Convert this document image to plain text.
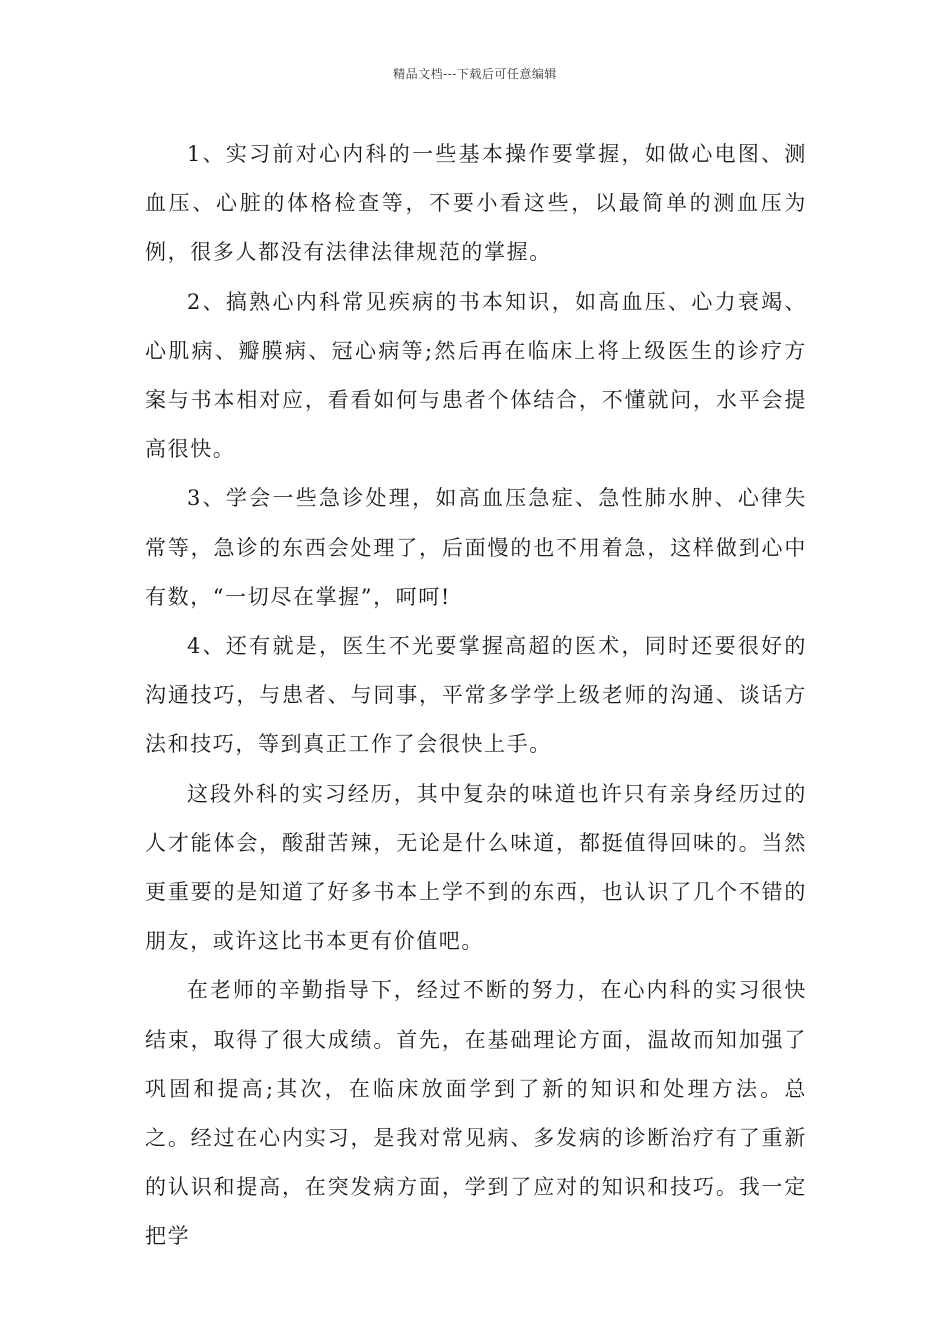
精品文档---下载后可任意编辑

1、实习前对心内科的一些基本操作要掌握，如做心电图、测血压、心脏的体格检查等，不要小看这些，以最简单的测血压为例，很多人都没有法律法律规范的掌握。

2、搞熟心内科常见疾病的书本知识，如高血压、心力衰竭、心肌病、瓣膜病、冠心病等;然后再在临床上将上级医生的诊疗方案与书本相对应，看看如何与患者个体结合，不懂就问，水平会提高很快。

3、学会一些急诊处理，如高血压急症、急性肺水肿、心律失常等，急诊的东西会处理了，后面慢的也不用着急，这样做到心中有数，“一切尽在掌握”，呵呵!

4、还有就是，医生不光要掌握高超的医术，同时还要很好的沟通技巧，与患者、与同事，平常多学学上级老师的沟通、谈话方法和技巧，等到真正工作了会很快上手。

这段外科的实习经历，其中复杂的味道也许只有亲身经历过的人才能体会，酸甜苦辣，无论是什么味道，都挺值得回味的。当然更重要的是知道了好多书本上学不到的东西，也认识了几个不错的朋友，或许这比书本更有价值吧。

在老师的辛勤指导下，经过不断的努力，在心内科的实习很快结束，取得了很大成绩。首先，在基础理论方面，温故而知加强了巩固和提高;其次，在临床放面学到了新的知识和处理方法。总之。经过在心内实习，是我对常见病、多发病的诊断治疗有了重新的认识和提高，在突发病方面，学到了应对的知识和技巧。我一定把学
